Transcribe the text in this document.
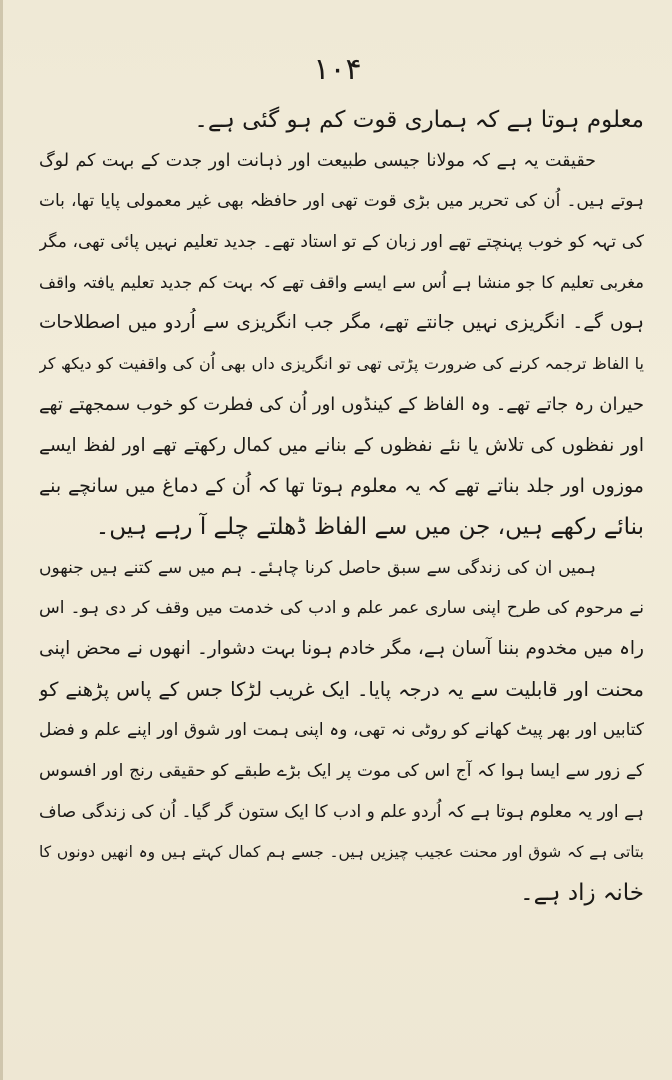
۱۰۴
معلوم ہوتا ہے کہ ہماری قوت کم ہو گئی ہے۔
حقیقت یہ ہے کہ مولانا جیسی طبیعت اور ذہانت اور جدت کے بہت کم لوگ
ہوتے ہیں۔ اُن کی تحریر میں بڑی قوت تھی اور حافظہ بھی غیر معمولی پایا تھا، بات
کی تہہ کو خوب پہنچتے تھے اور زبان کے تو استاد تھے۔ جدید تعلیم نہیں پائی تھی، مگر
مغربی تعلیم کا جو منشا ہے اُس سے ایسے واقف تھے کہ بہت کم جدید تعلیم یافتہ واقف
ہوں گے۔ انگریزی نہیں جانتے تھے، مگر جب انگریزی سے اُردو میں اصطلاحات
یا الفاظ ترجمہ کرنے کی ضرورت پڑتی تھی تو انگریزی داں بھی اُن کی واقفیت کو دیکھ کر
حیران رہ جاتے تھے۔ وہ الفاظ کے کینڈوں اور اُن کی فطرت کو خوب سمجھتے تھے
اور نفظوں کی تلاش یا نئے نفظوں کے بنانے میں کمال رکھتے تھے اور لفظ ایسے
موزوں اور جلد بناتے تھے کہ یہ معلوم ہوتا تھا کہ اُن کے دماغ میں سانچے بنے
بنائے رکھے ہیں، جن میں سے الفاظ ڈھلتے چلے آ رہے ہیں۔
ہمیں ان کی زندگی سے سبق حاصل کرنا چاہئے۔ ہم میں سے کتنے ہیں جنھوں
نے مرحوم کی طرح اپنی ساری عمر علم و ادب کی خدمت میں وقف کر دی ہو۔ اس
راہ میں مخدوم بننا آسان ہے، مگر خادم ہونا بہت دشوار۔ انھوں نے محض اپنی
محنت اور قابلیت سے یہ درجہ پایا۔ ایک غریب لڑکا جس کے پاس پڑھنے کو
کتابیں اور بھر پیٹ کھانے کو روٹی نہ تھی، وہ اپنی ہمت اور شوق اور اپنے علم و فضل
کے زور سے ایسا ہوا کہ آج اس کی موت پر ایک بڑے طبقے کو حقیقی رنج اور افسوس
ہے اور یہ معلوم ہوتا ہے کہ اُردو علم و ادب کا ایک ستون گر گیا۔ اُن کی زندگی صاف
بتاتی ہے کہ شوق اور محنت عجیب چیزیں ہیں۔ جسے ہم کمال کہتے ہیں وہ انھیں دونوں کا
خانہ زاد ہے۔
